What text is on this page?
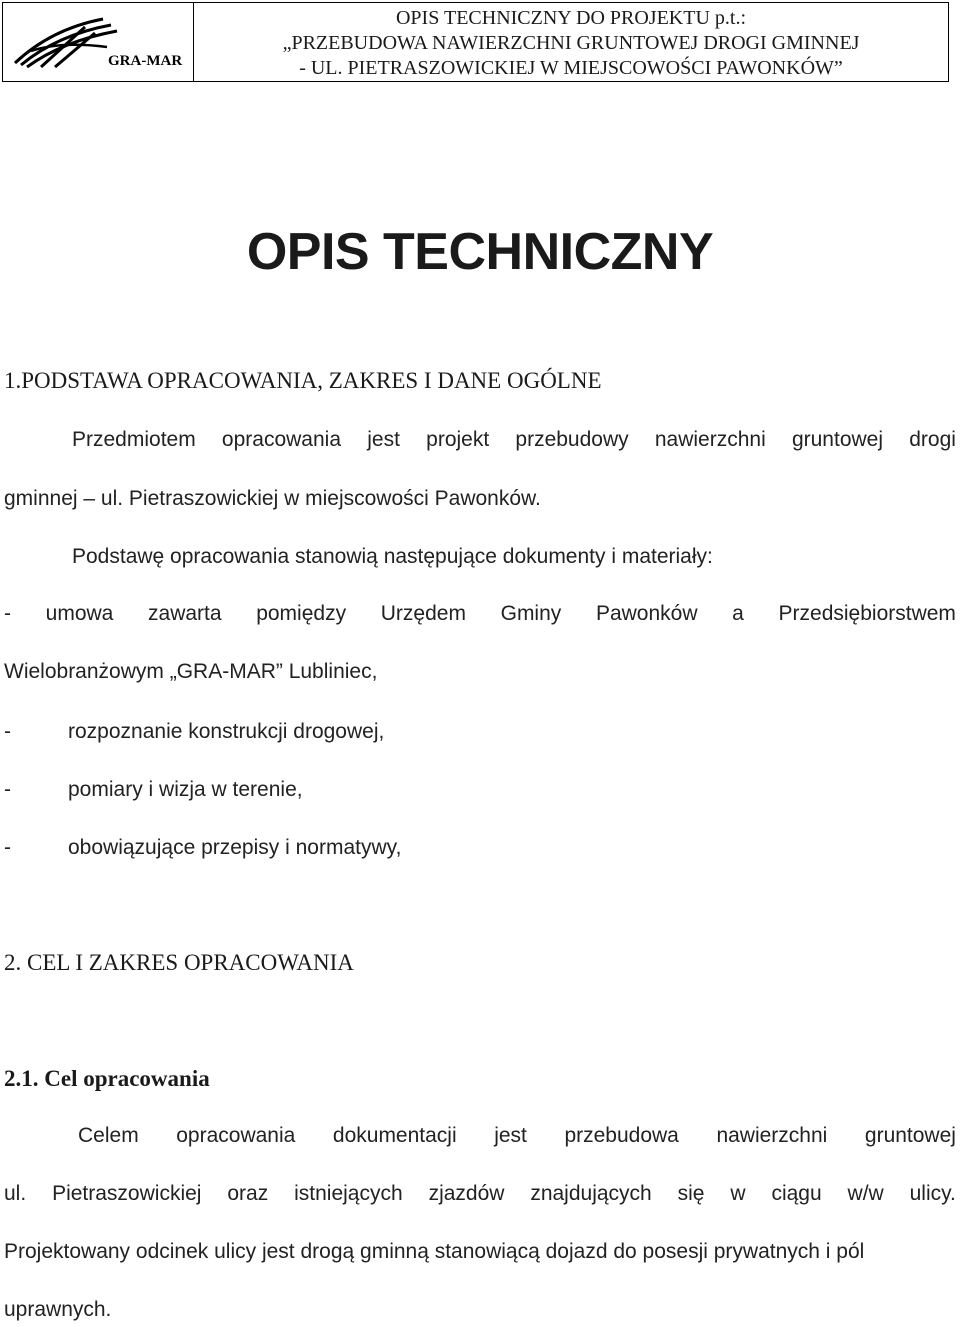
GRA-MAR
OPIS TECHNICZNY DO PROJEKTU p.t.:
„PRZEBUDOWA NAWIERZCHNI GRUNTOWEJ DROGI GMINNEJ
- UL. PIETRASZOWICKIEJ W MIEJSCOWOŚCI PAWONKÓW”
OPIS TECHNICZNY
1.PODSTAWA OPRACOWANIA, ZAKRES I DANE OGÓLNE
Przedmiotem opracowania jest projekt przebudowy nawierzchni gruntowej drogi
gminnej – ul. Pietraszowickiej w miejscowości Pawonków.
Podstawę opracowania stanowią następujące dokumenty i materiały:
- umowa zawarta pomiędzy Urzędem Gminy Pawonków a Przedsiębiorstwem
Wielobranżowym „GRA-MAR” Lubliniec,
-	rozpoznanie konstrukcji drogowej,
-	pomiary i wizja w terenie,
-	obowiązujące przepisy i normatywy,
2. CEL I ZAKRES OPRACOWANIA
2.1. Cel opracowania
Celem opracowania dokumentacji jest przebudowa nawierzchni gruntowej
ul. Pietraszowickiej oraz istniejących zjazdów znajdujących się w ciągu w/w ulicy.
Projektowany odcinek ulicy jest drogą gminną stanowiącą dojazd do posesji prywatnych i pól
uprawnych.
